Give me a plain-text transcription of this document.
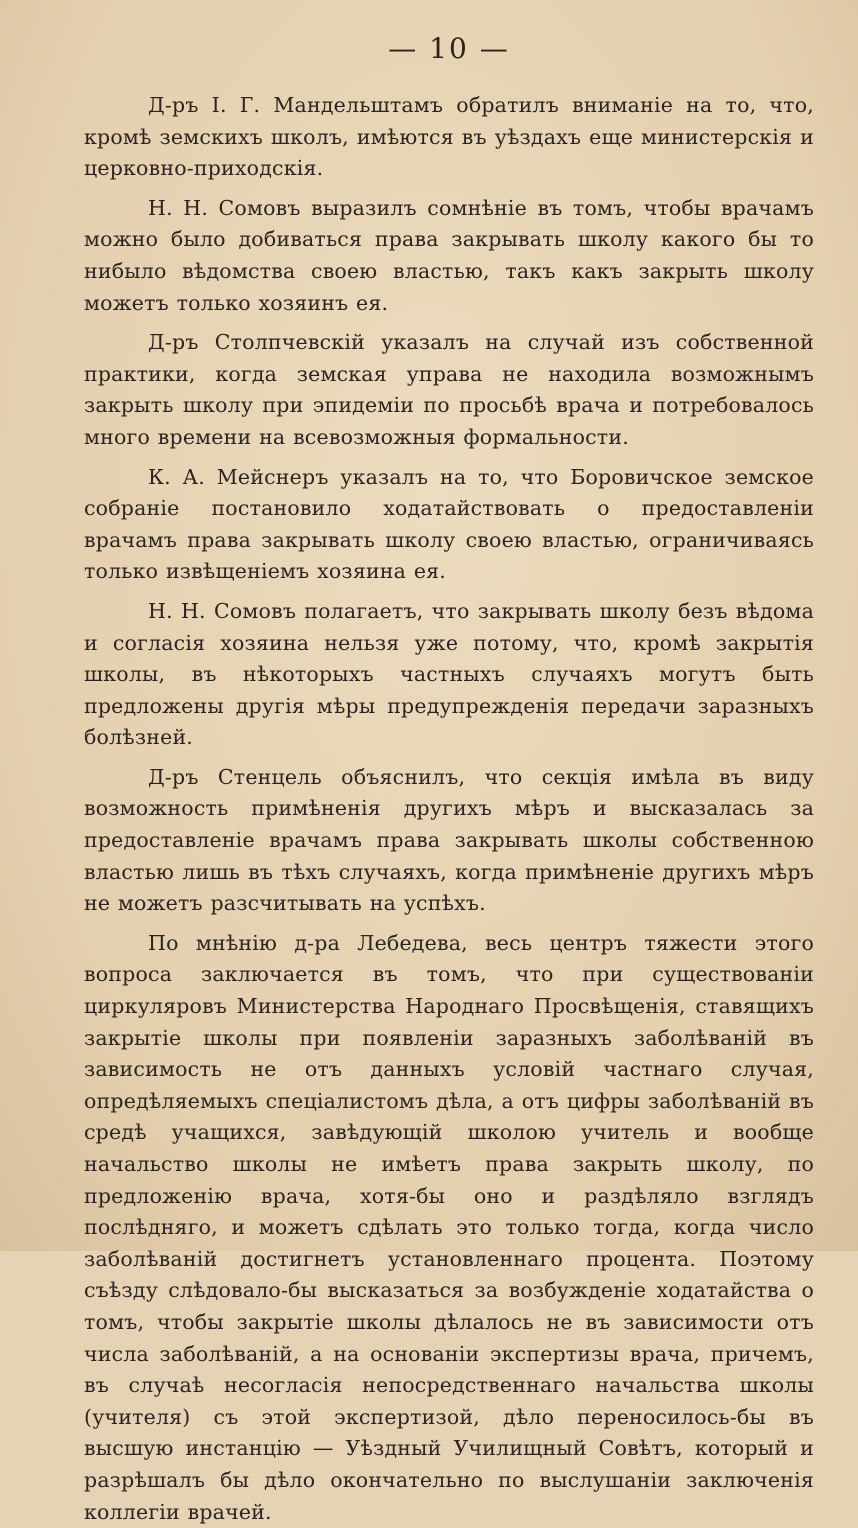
— 10 —

Д-ръ І. Г. Мандельштамъ обратилъ вниманіе на то, что, кромѣ земскихъ школъ, имѣются въ уѣздахъ еще министерскія и церковно-приходскія.

Н. Н. Сомовъ выразилъ сомнѣніе въ томъ, чтобы врачамъ можно было добиваться права закрывать школу какого бы то нибыло вѣдомства своею властью, такъ какъ закрыть школу можетъ только хозяинъ ея.

Д-ръ Столпчевскій указалъ на случай изъ собственной практики, когда земская управа не находила возможнымъ закрыть школу при эпидеміи по просьбѣ врача и потребовалось много времени на всевозможныя формальности.

К. А. Мейснеръ указалъ на то, что Боровичское земское собраніе постановило ходатайствовать о предоставленіи врачамъ права закрывать школу своею властью, ограничиваясь только извѣщеніемъ хозяина ея.

Н. Н. Сомовъ полагаетъ, что закрывать школу безъ вѣдома и согласія хозяина нельзя уже потому, что, кромѣ закрытія школы, въ нѣкоторыхъ частныхъ случаяхъ могутъ быть предложены другія мѣры предупрежденія передачи заразныхъ болѣзней.

Д-ръ Стенцель объяснилъ, что секція имѣла въ виду возможность примѣненія другихъ мѣръ и высказалась за предоставленіе врачамъ права закрывать школы собственною властью лишь въ тѣхъ случаяхъ, когда примѣненіе другихъ мѣръ не можетъ разсчитывать на успѣхъ.

По мнѣнію д-ра Лебедева, весь центръ тяжести этого вопроса заключается въ томъ, что при существованіи циркуляровъ Министерства Народнаго Просвѣщенія, ставящихъ закрытіе школы при появленіи заразныхъ заболѣваній въ зависимость не отъ данныхъ условій частнаго случая, опредѣляемыхъ спеціалистомъ дѣла, а отъ цифры заболѣваній въ средѣ учащихся, завѣдующій школою учитель и вообще начальство школы не имѣетъ права закрыть школу, по предложенію врача, хотя-бы оно и раздѣляло взглядъ послѣдняго, и можетъ сдѣлать это только тогда, когда число заболѣваній достигнетъ установленнаго процента. Поэтому съѣзду слѣдовало-бы высказаться за возбужденіе ходатайства о томъ, чтобы закрытіе школы дѣлалось не въ зависимости отъ числа заболѣваній, а на основаніи экспертизы врача, причемъ, въ случаѣ несогласія непосредственнаго начальства школы (учителя) съ этой экспертизой, дѣло переносилось-бы въ высшую инстанцію — Уѣздный Училищный Совѣтъ, который и разрѣшалъ бы дѣло окончательно по выслушаніи заключенія коллегіи врачей.
